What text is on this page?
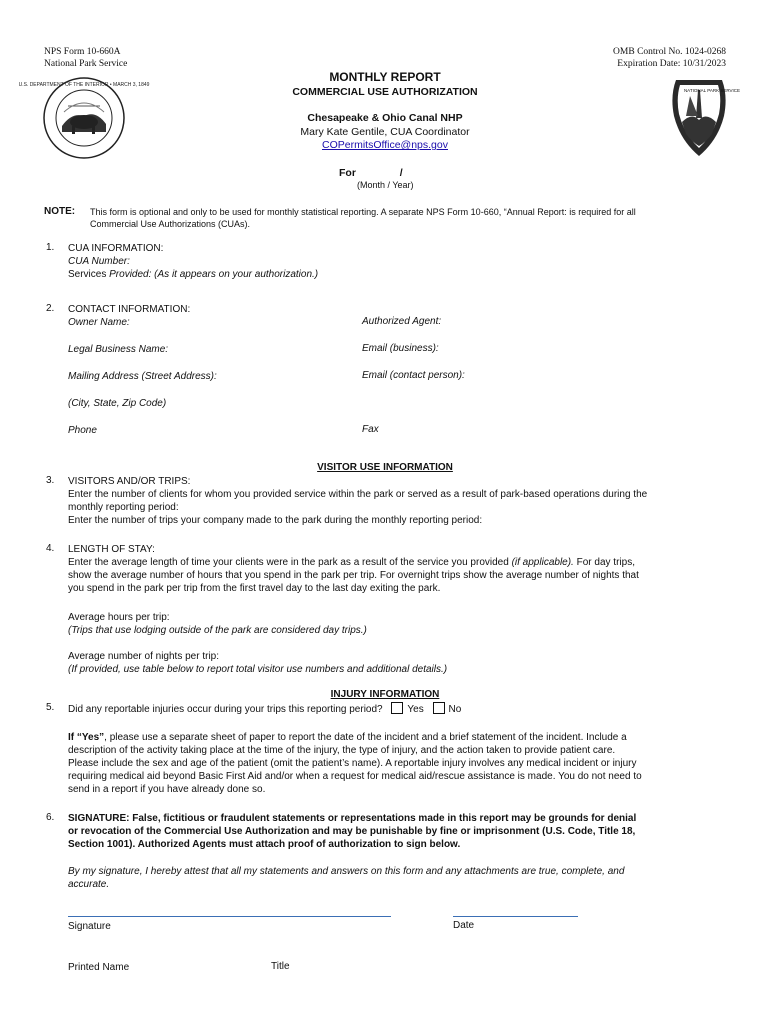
NPS Form 10-660A
National Park Service
OMB Control No. 1024-0268
Expiration Date: 10/31/2023
U.S. DEPARTMENT OF THE INTERIOR • MARCH 3, 1849
NATIONAL PARK SERVICE
MONTHLY REPORT
COMMERCIAL USE AUTHORIZATION
Chesapeake & Ohio Canal NHP
Mary Kate Gentile, CUA Coordinator
COPermitsOffice@nps.gov
For	/
(Month / Year)
NOTE: This form is optional and only to be used for monthly statistical reporting. A separate NPS Form 10-660, “Annual Report: is required for all
Commercial Use Authorizations (CUAs).
1. CUA INFORMATION:
CUA Number:
Services Provided: (As it appears on your authorization.)
2. CONTACT INFORMATION:
Owner Name:	Authorized Agent:
Legal Business Name:	Email (business):
Mailing Address (Street Address):	Email (contact person):
(City, State, Zip Code)
Phone	Fax
VISITOR USE INFORMATION
3. VISITORS AND/OR TRIPS:
Enter the number of clients for whom you provided service within the park or served as a result of park-based operations during the
monthly reporting period:
Enter the number of trips your company made to the park during the monthly reporting period:
4. LENGTH OF STAY:
Enter the average length of time your clients were in the park as a result of the service you provided (if applicable). For day trips,
show the average number of hours that you spend in the park per trip. For overnight trips show the average number of nights that
you spend in the park per trip from the first travel day to the last day exiting the park.
Average hours per trip:
(Trips that use lodging outside of the park are considered day trips.)
Average number of nights per trip:
(If provided, use table below to report total visitor use numbers and additional details.)
INJURY INFORMATION
5. Did any reportable injuries occur during your trips this reporting period? Yes No
If “Yes”, please use a separate sheet of paper to report the date of the incident and a brief statement of the incident. Include a
description of the activity taking place at the time of the injury, the type of injury, and the action taken to provide patient care.
Please include the sex and age of the patient (omit the patient’s name). A reportable injury involves any medical incident or injury
requiring medical aid beyond Basic First Aid and/or when a request for medical aid/rescue assistance is made. You do not need to
send in a report if you have already done so.
6. SIGNATURE: False, fictitious or fraudulent statements or representations made in this report may be grounds for denial
or revocation of the Commercial Use Authorization and may be punishable by fine or imprisonment (U.S. Code, Title 18,
Section 1001). Authorized Agents must attach proof of authorization to sign below.
By my signature, I hereby attest that all my statements and answers on this form and any attachments are true, complete, and
accurate.
Signature	Date
Printed Name	Title
